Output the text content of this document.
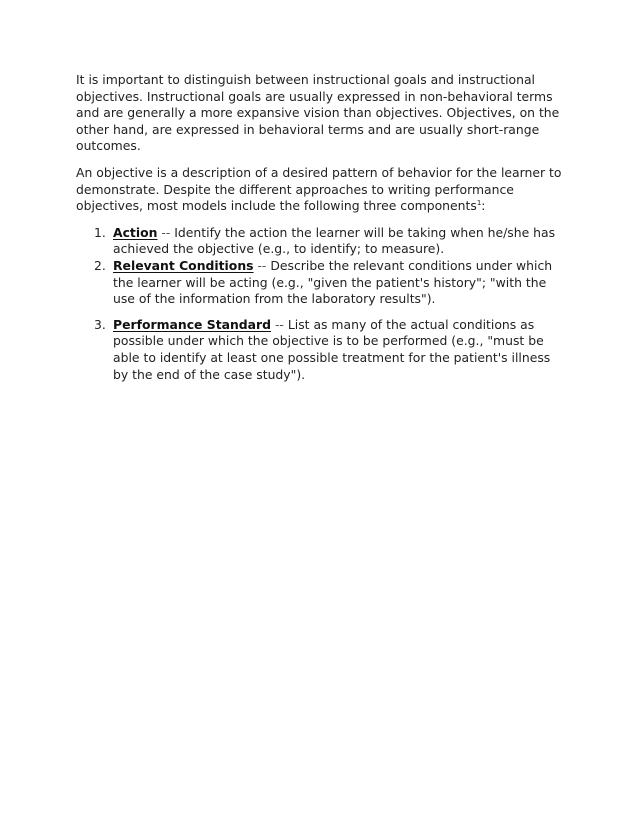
It is important to distinguish between instructional goals and instructional objectives. Instructional goals are usually expressed in non-behavioral terms and are generally a more expansive vision than objectives. Objectives, on the other hand, are expressed in behavioral terms and are usually short-range outcomes.

An objective is a description of a desired pattern of behavior for the learner to demonstrate. Despite the different approaches to writing performance objectives, most models include the following three components$^1$:

1. Action -- Identify the action the learner will be taking when he/she has achieved the objective (e.g., to identify; to measure).
2. Relevant Conditions -- Describe the relevant conditions under which the learner will be acting (e.g., "given the patient's history"; "with the use of the information from the laboratory results").
3. Performance Standard -- List as many of the actual conditions as possible under which the objective is to be performed (e.g., "must be able to identify at least one possible treatment for the patient's illness by the end of the case study").
